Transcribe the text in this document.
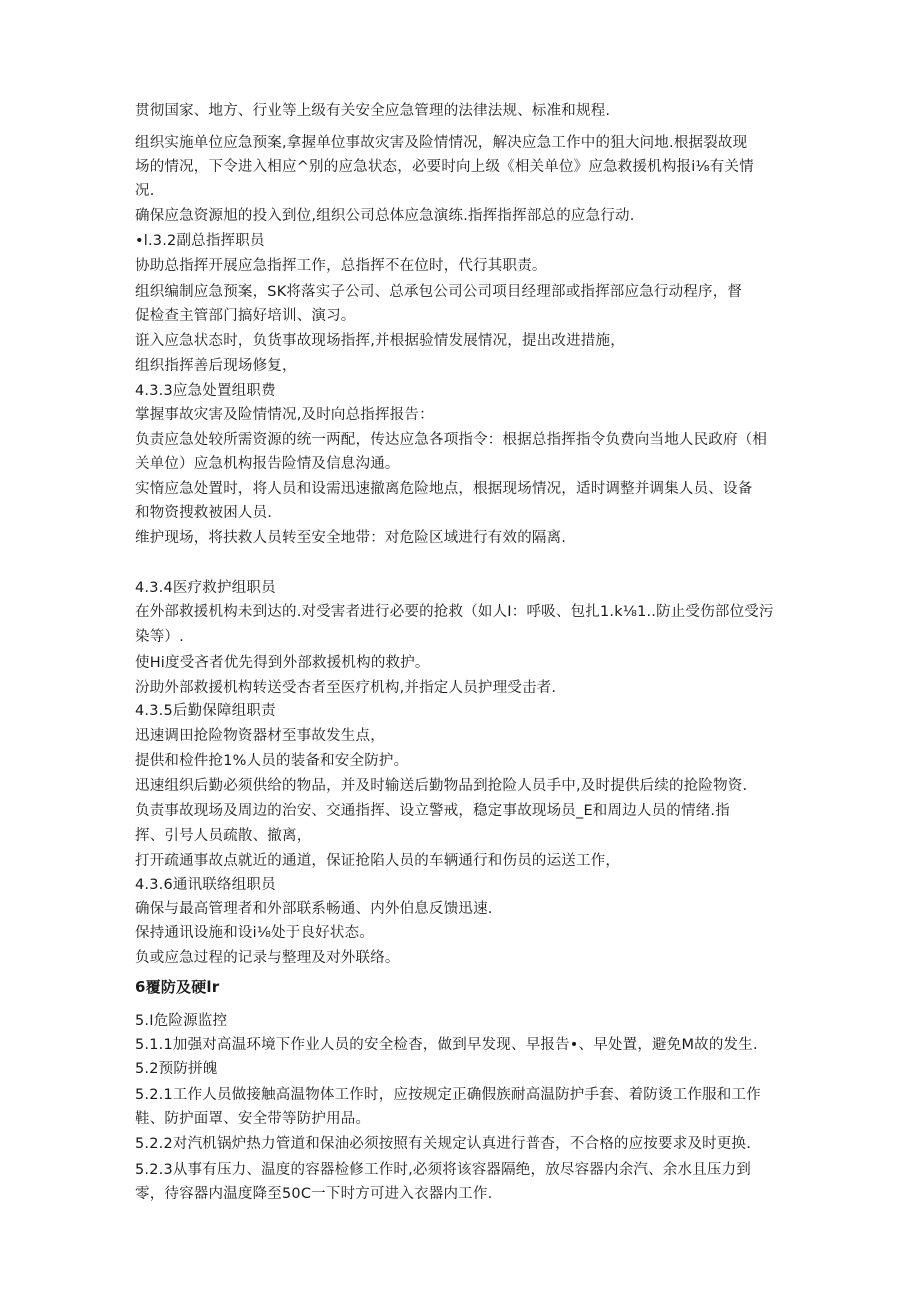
贯彻国家、地方、行业等上级有关安全应急管理的法律法规、标准和规程.
组织实施单位应急预案,拿握单位事故灾害及险情情况，解决应急工作中的狙大问地.根据裂故现
场的情况，下令进入相应^别的应急状态，必要时向上级《相关单位》应急救援机构报i⅛有关情
况.
确保应急资源旭的投入到位,组织公司总体应急演练.指挥指挥部总的应急行动.
•l.3.2副总指挥职员
协助总指挥开展应急指挥工作，总指挥不在位时，代行其职责。
组织编制应急预案，SK将落实子公司、总承包公司公司项目经理部或指挥部应急行动程序，督
促检查主管部门搞好培训、演习。
诳入应急状态时，负货事故现场指挥,并根据验情发展情况，提出改进措施，
组织指挥善后现场修复，
4.3.3应急处置组职费
掌握事故灾害及险情情况,及时向总指挥报告：
负责应急处较所需资源的统一两配，传达应急各项指令：根据总指挥指令负费向当地人民政府（相
关单位）应急机构报告险情及信息沟通。
实惰应急处置时，将人员和设需迅速撤离危险地点，根据现场情况，适时调整并调集人员、设备
和物资搜救被困人员.
维护现场，将扶救人员转至安全地带：对危险区域进行有效的隔离.
4.3.4医疗救护组职员
在外部救援机构未到达的.对受害者进行必要的抢救（如人I：呼吸、包扎1.k⅛1..防止受伤部位受污
染等）.
使Hi度受吝者优先得到外部救援机构的救护。
汾助外部救援机构转送受杏者至医疗机构,并指定人员护理受击者.
4.3.5后勤保障组职责
迅速调田抢险物资器材至事故发生点，
提供和检件抢1%人员的装备和安全防护。
迅速组织后勤必须供给的物品，并及时输送后勤物品到抢险人员手中,及时提供后续的抢险物资.
负责事故现场及周边的治安、交通指挥、设立警戒，稳定事故现场员_E和周边人员的情绪.指
挥、引号人员疏散、撤离，
打开疏通事故点就近的通道，保证抢陷人员的车辆通行和伤员的运送工作，
4.3.6通讯联络组职员
确保与最高管理者和外部联系畅通、内外伯息反馈迅速.
保持通讯设施和设i⅛处于良好状态。
负或应急过程的记录与整理及对外联络。
6覆防及硬lr
5.I危险源监控
5.1.1加强对高温环境下作业人员的安全检杳，做到早发现、早报告•、早处置，避免M故的发生.
5.2预防拼魄
5.2.1工作人员做接触高温物体工作时，应按规定正确假族耐高温防护手套、着防烫工作服和工作
鞋、防护面罩、安全带等防护用品。
5.2.2对汽机锅炉热力管道和保油必须按照有关规定认真进行普杳，不合格的应按要求及时更换.
5.2.3从事有压力、温度的容器检修工作时,必须将该容器隔绝，放尽容器内余汽、余水且压力到
零，待容器内温度降至50C一下时方可进入衣器内工作.
